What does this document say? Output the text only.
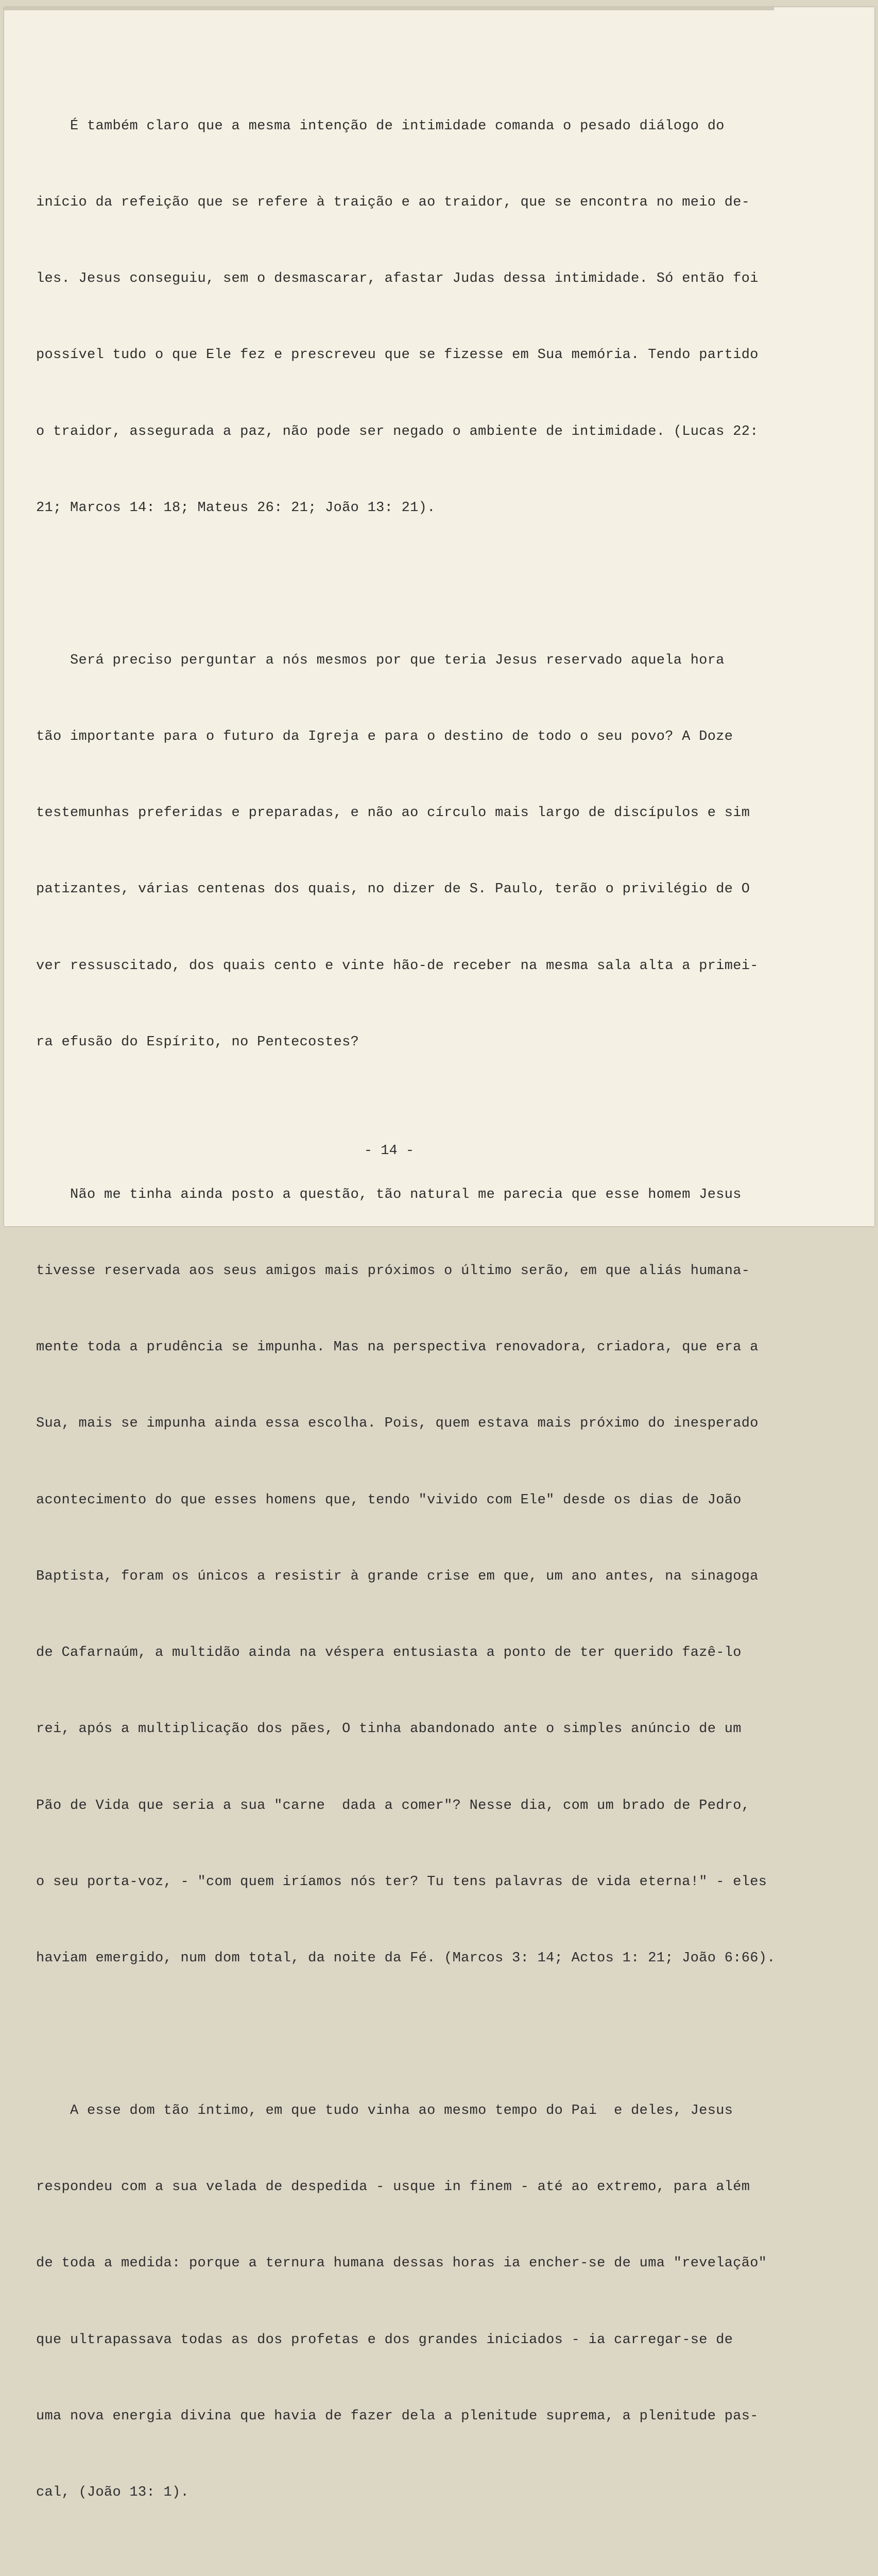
É também claro que a mesma intenção de intimidade comanda o pesado diálogo do

início da refeição que se refere à traição e ao traidor, que se encontra no meio de-

les. Jesus conseguiu, sem o desmascarar, afastar Judas dessa intimidade. Só então foi

possível tudo o que Ele fez e prescreveu que se fizesse em Sua memória. Tendo partido

o traidor, assegurada a paz, não pode ser negado o ambiente de intimidade. (Lucas 22:

21; Marcos 14: 18; Mateus 26: 21; João 13: 21).

Será preciso perguntar a nós mesmos por que teria Jesus reservado aquela hora

tão importante para o futuro da Igreja e para o destino de todo o seu povo? A Doze

testemunhas preferidas e preparadas, e não ao círculo mais largo de discípulos e sim

patizantes, várias centenas dos quais, no dizer de S. Paulo, terão o privilégio de O

ver ressuscitado, dos quais cento e vinte hão-de receber na mesma sala alta a primei-

ra efusão do Espírito, no Pentecostes?

Não me tinha ainda posto a questão, tão natural me parecia que esse homem Jesus

tivesse reservada aos seus amigos mais próximos o último serão, em que aliás humana-

mente toda a prudência se impunha. Mas na perspectiva renovadora, criadora, que era a

Sua, mais se impunha ainda essa escolha. Pois, quem estava mais próximo do inesperado

acontecimento do que esses homens que, tendo "vivido com Ele" desde os dias de João

Baptista, foram os únicos a resistir à grande crise em que, um ano antes, na sinagoga

de Cafarnaúm, a multidão ainda na véspera entusiasta a ponto de ter querido fazê-lo

rei, após a multiplicação dos pães, O tinha abandonado ante o simples anúncio de um

Pão de Vida que seria a sua "carne  dada a comer"? Nesse dia, com um brado de Pedro,

o seu porta-voz, - "com quem iríamos nós ter? Tu tens palavras de vida eterna!" - eles

haviam emergido, num dom total, da noite da Fé. (Marcos 3: 14; Actos 1: 21; João 6:66).

A esse dom tão íntimo, em que tudo vinha ao mesmo tempo do Pai  e deles, Jesus

respondeu com a sua velada de despedida - usque in finem - até ao extremo, para além

de toda a medida: porque a ternura humana dessas horas ia encher-se de uma "revelação"

que ultrapassava todas as dos profetas e dos grandes iniciados - ia carregar-se de

uma nova energia divina que havia de fazer dela a plenitude suprema, a plenitude pas-

cal, (João 13: 1).

- 14 -
